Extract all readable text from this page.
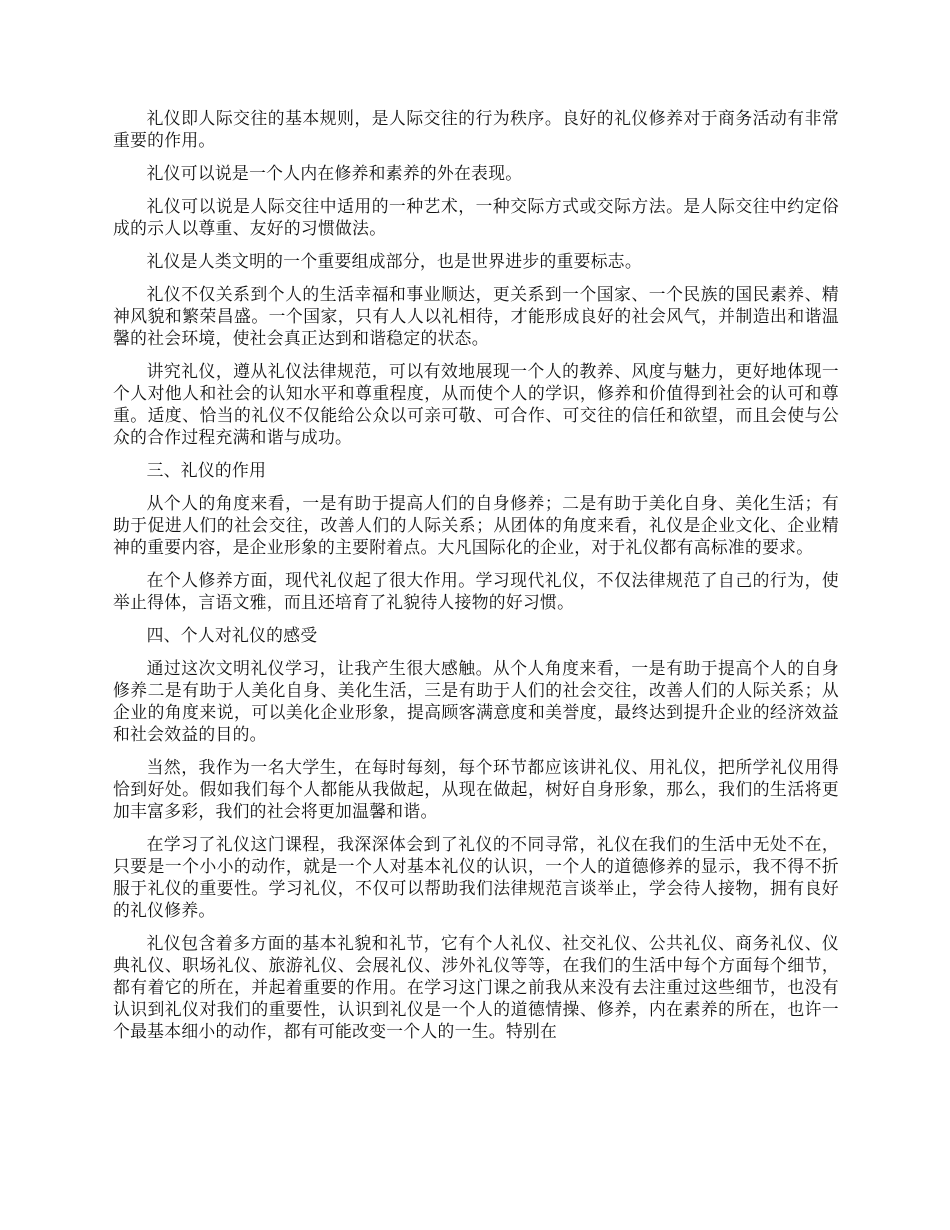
礼仪即人际交往的基本规则，是人际交往的行为秩序。良好的礼仪修养对于商务活动有非常重要的作用。

礼仪可以说是一个人内在修养和素养的外在表现。

礼仪可以说是人际交往中适用的一种艺术，一种交际方式或交际方法。是人际交往中约定俗成的示人以尊重、友好的习惯做法。

礼仪是人类文明的一个重要组成部分，也是世界进步的重要标志。

礼仪不仅关系到个人的生活幸福和事业顺达，更关系到一个国家、一个民族的国民素养、精神风貌和繁荣昌盛。一个国家，只有人人以礼相待，才能形成良好的社会风气，并制造出和谐温馨的社会环境，使社会真正达到和谐稳定的状态。

讲究礼仪，遵从礼仪法律规范，可以有效地展现一个人的教养、风度与魅力，更好地体现一个人对他人和社会的认知水平和尊重程度，从而使个人的学识，修养和价值得到社会的认可和尊重。适度、恰当的礼仪不仅能给公众以可亲可敬、可合作、可交往的信任和欲望，而且会使与公众的合作过程充满和谐与成功。

三、礼仪的作用

从个人的角度来看，一是有助于提高人们的自身修养；二是有助于美化自身、美化生活；有助于促进人们的社会交往，改善人们的人际关系；从团体的角度来看，礼仪是企业文化、企业精神的重要内容，是企业形象的主要附着点。大凡国际化的企业，对于礼仪都有高标准的要求。

在个人修养方面，现代礼仪起了很大作用。学习现代礼仪，不仅法律规范了自己的行为，使举止得体，言语文雅，而且还培育了礼貌待人接物的好习惯。

四、个人对礼仪的感受

通过这次文明礼仪学习，让我产生很大感触。从个人角度来看，一是有助于提高个人的自身修养二是有助于人美化自身、美化生活，三是有助于人们的社会交往，改善人们的人际关系；从企业的角度来说，可以美化企业形象，提高顾客满意度和美誉度，最终达到提升企业的经济效益和社会效益的目的。

当然，我作为一名大学生，在每时每刻，每个环节都应该讲礼仪、用礼仪，把所学礼仪用得恰到好处。假如我们每个人都能从我做起，从现在做起，树好自身形象，那么，我们的生活将更加丰富多彩，我们的社会将更加温馨和谐。

在学习了礼仪这门课程，我深深体会到了礼仪的不同寻常，礼仪在我们的生活中无处不在，只要是一个小小的动作，就是一个人对基本礼仪的认识，一个人的道德修养的显示，我不得不折服于礼仪的重要性。学习礼仪，不仅可以帮助我们法律规范言谈举止，学会待人接物，拥有良好的礼仪修养。

礼仪包含着多方面的基本礼貌和礼节，它有个人礼仪、社交礼仪、公共礼仪、商务礼仪、仪典礼仪、职场礼仪、旅游礼仪、会展礼仪、涉外礼仪等等，在我们的生活中每个方面每个细节，都有着它的所在，并起着重要的作用。在学习这门课之前我从来没有去注重过这些细节，也没有认识到礼仪对我们的重要性，认识到礼仪是一个人的道德情操、修养，内在素养的所在，也许一个最基本细小的动作，都有可能改变一个人的一生。特别在
